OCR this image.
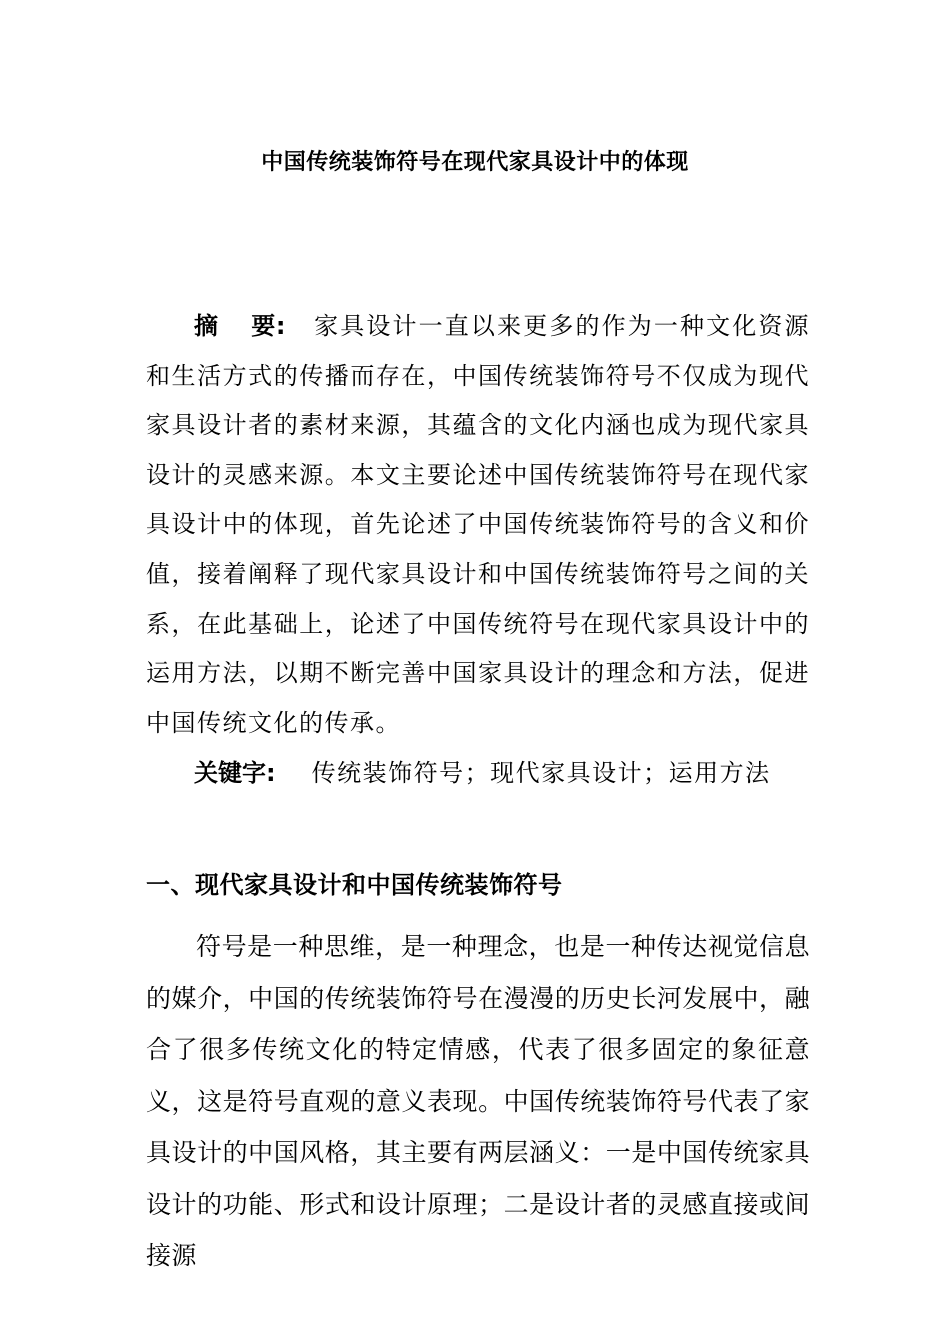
中国传统装饰符号在现代家具设计中的体现
摘 要: 家具设计一直以来更多的作为一种文化资源和生活方式的传播而存在，中国传统装饰符号不仅成为现代家具设计者的素材来源，其蕴含的文化内涵也成为现代家具设计的灵感来源。本文主要论述中国传统装饰符号在现代家具设计中的体现，首先论述了中国传统装饰符号的含义和价值，接着阐释了现代家具设计和中国传统装饰符号之间的关系，在此基础上，论述了中国传统符号在现代家具设计中的运用方法，以期不断完善中国家具设计的理念和方法，促进中国传统文化的传承。
关键字: 传统装饰符号；现代家具设计；运用方法
一、现代家具设计和中国传统装饰符号
符号是一种思维，是一种理念，也是一种传达视觉信息的媒介，中国的传统装饰符号在漫漫的历史长河发展中，融合了很多传统文化的特定情感，代表了很多固定的象征意义，这是符号直观的意义表现。中国传统装饰符号代表了家具设计的中国风格，其主要有两层涵义：一是中国传统家具设计的功能、形式和设计原理；二是设计者的灵感直接或间接源
